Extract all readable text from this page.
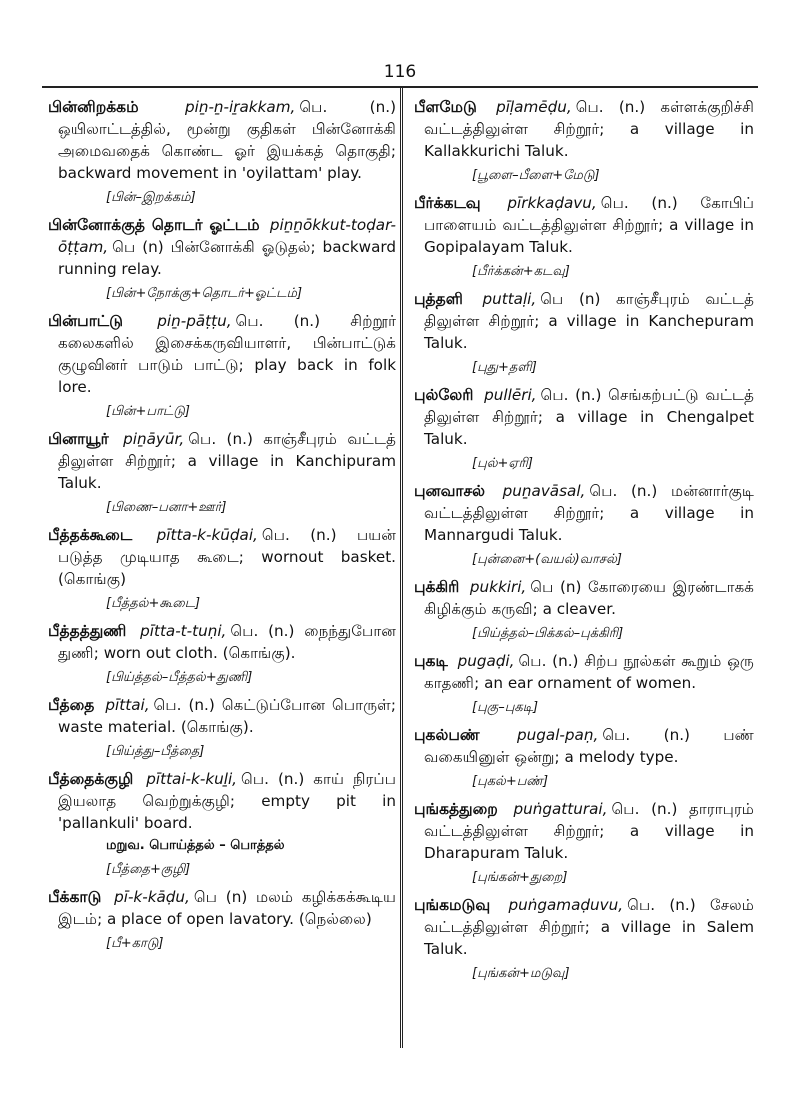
116

பின்னிறக்கம்	piṉ-ṉ-iṟakkam, பெ. (n.) ஒயிலாட்டத்தில், மூன்று குதிகள் பின்னோக்கி அமைவதைக் கொண்ட ஓர் இயக்கத் தொகுதி; backward movement in 'oyilattam' play.

[பின்–இறக்கம்]

பின்னோக்குத் தொடர் ஓட்டம் piṉṉōkkut-toḍar-ōṭṭam, பெ (n) பின்னோக்கி ஓடுதல்; backward running relay.

[பின்+நோக்கு+தொடர்+ஓட்டம்]

பின்பாட்டு piṉ-pāṭṭu, பெ. (n.) சிற்றூர் கலைகளில் இசைக்கருவியாளர், பின்பாட்டுக் குழுவினர் பாடும் பாட்டு; play back in folk lore.

[பின்+பாட்டு]

பினாயூர் piṉāyūr, பெ. (n.) காஞ்சீபுரம் வட்டத் திலுள்ள சிற்றூர்; a village in Kanchipuram Taluk.

[பிணை–பனா+ஊர்]

பீத்தக்கூடை pītta-k-kūḍai, பெ. (n.) பயன் படுத்த முடியாத கூடை; wornout basket. (கொங்கு)

[பீத்தல்+கூடை]

பீத்தத்துணி pītta-t-tuṇi, பெ. (n.) நைந்துபோன துணி; worn out cloth. (கொங்கு).

[பிய்த்தல்–பீத்தல்+துணி]

பீத்தை pīttai, பெ. (n.) கெட்டுப்போன பொருள்; waste material. (கொங்கு).

[பிய்த்து–பீத்தை]

பீத்தைக்குழி pīttai-k-kuḻi, பெ. (n.) காய் நிரப்ப இயலாத வெற்றுக்குழி; empty pit in 'pallankuli' board.

மறுவ. பொய்த்தல் – பொத்தல்
[பீத்தை+குழி]

பீக்காடு pī-k-kāḍu, பெ (n) மலம் கழிக்கக்கூடிய இடம்; a place of open lavatory. (நெல்லை)

[பீ+காடு]

பீளமேடு pīḷamēḍu, பெ. (n.) கள்ளக்குறிச்சி வட்டத்திலுள்ள சிற்றூர்; a village in Kallakkurichi Taluk.

[பூளை–பீளை+மேடு]

பீர்க்கடவு pīrkkaḍavu, பெ. (n.) கோபிப் பாளையம் வட்டத்திலுள்ள சிற்றூர்; a village in Gopipalayam Taluk.

[பீர்க்கன்+கடவு]

புத்தளி puttaḷi, பெ (n) காஞ்சீபுரம் வட்டத் திலுள்ள சிற்றூர்; a village in Kanchepuram Taluk.

[புது+தளி]

புல்லேரி pullēri, பெ. (n.) செங்கற்பட்டு வட்டத் திலுள்ள சிற்றூர்; a village in Chengalpet Taluk.

[புல்+ஏரி]

புனவாசல் puṉavāsal, பெ. (n.) மன்னார்குடி வட்டத்திலுள்ள சிற்றூர்; a village in Mannargudi Taluk.

[புன்னை+(வயல்)வாசல்]

புக்கிரி pukkiri, பெ (n) கோரையை இரண்டாகக் கிழிக்கும் கருவி; a cleaver.

[பிய்த்தல்–பிக்கல்–புக்கிரி]

புகடி pugaḍi, பெ. (n.) சிற்ப நூல்கள் கூறும் ஒரு காதணி; an ear ornament of women.

[புகு–புகடி]

புகல்பண் pugal-paṇ, பெ. (n.) பண் வகையினுள் ஒன்று; a melody type.

[புகல்+பண்]

புங்கத்துறை puṅgatturai, பெ. (n.) தாராபுரம் வட்டத்திலுள்ள சிற்றூர்; a village in Dharapuram Taluk.

[புங்கன்+துறை]

புங்கமடுவு puṅgamaḍuvu, பெ. (n.) சேலம் வட்டத்திலுள்ள சிற்றூர்; a village in Salem Taluk.

[புங்கன்+மடுவு]
